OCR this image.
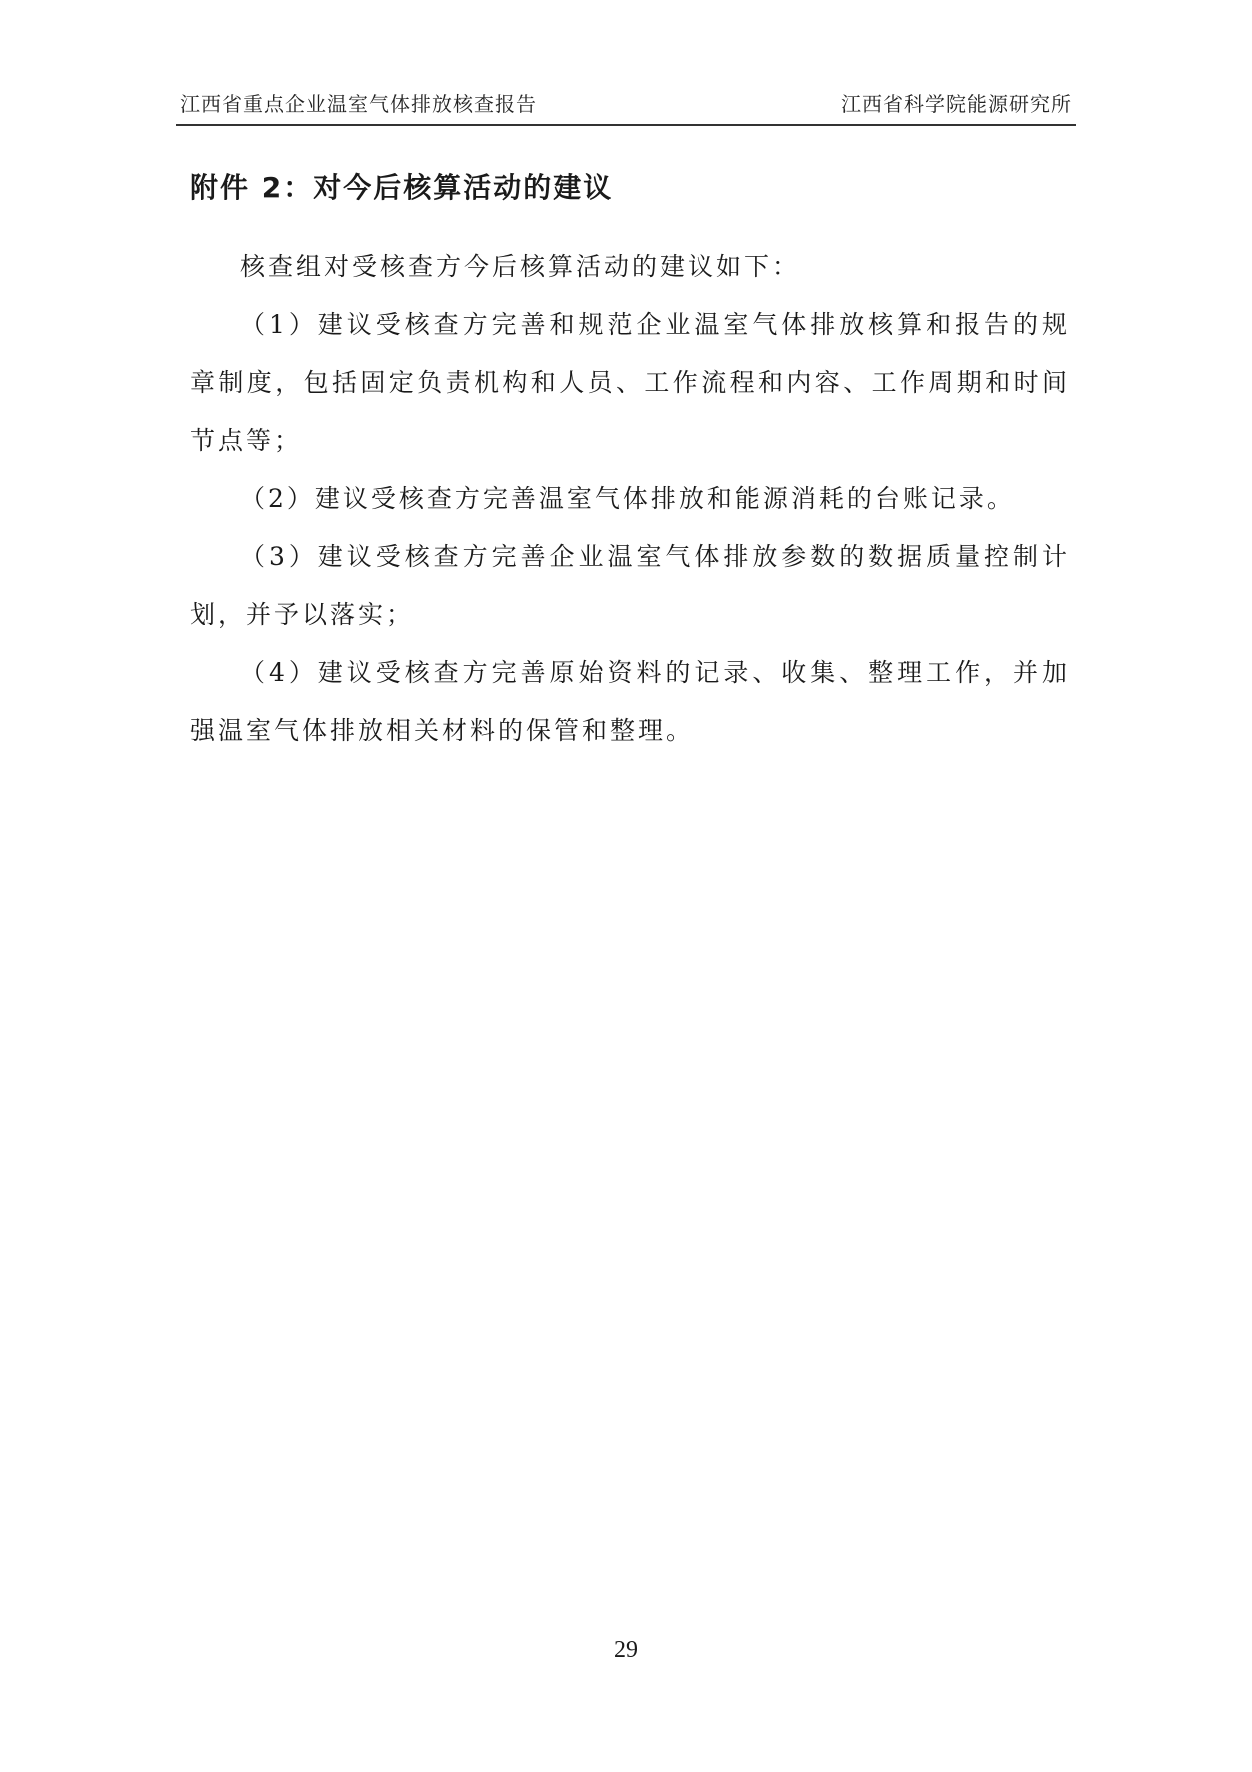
江西省重点企业温室气体排放核查报告	江西省科学院能源研究所
附件 2：对今后核算活动的建议

核查组对受核查方今后核算活动的建议如下：

（1）建议受核查方完善和规范企业温室气体排放核算和报告的规章制度，包括固定负责机构和人员、工作流程和内容、工作周期和时间节点等；

（2）建议受核查方完善温室气体排放和能源消耗的台账记录。

（3）建议受核查方完善企业温室气体排放参数的数据质量控制计划，并予以落实；

（4）建议受核查方完善原始资料的记录、收集、整理工作，并加强温室气体排放相关材料的保管和整理。

29
